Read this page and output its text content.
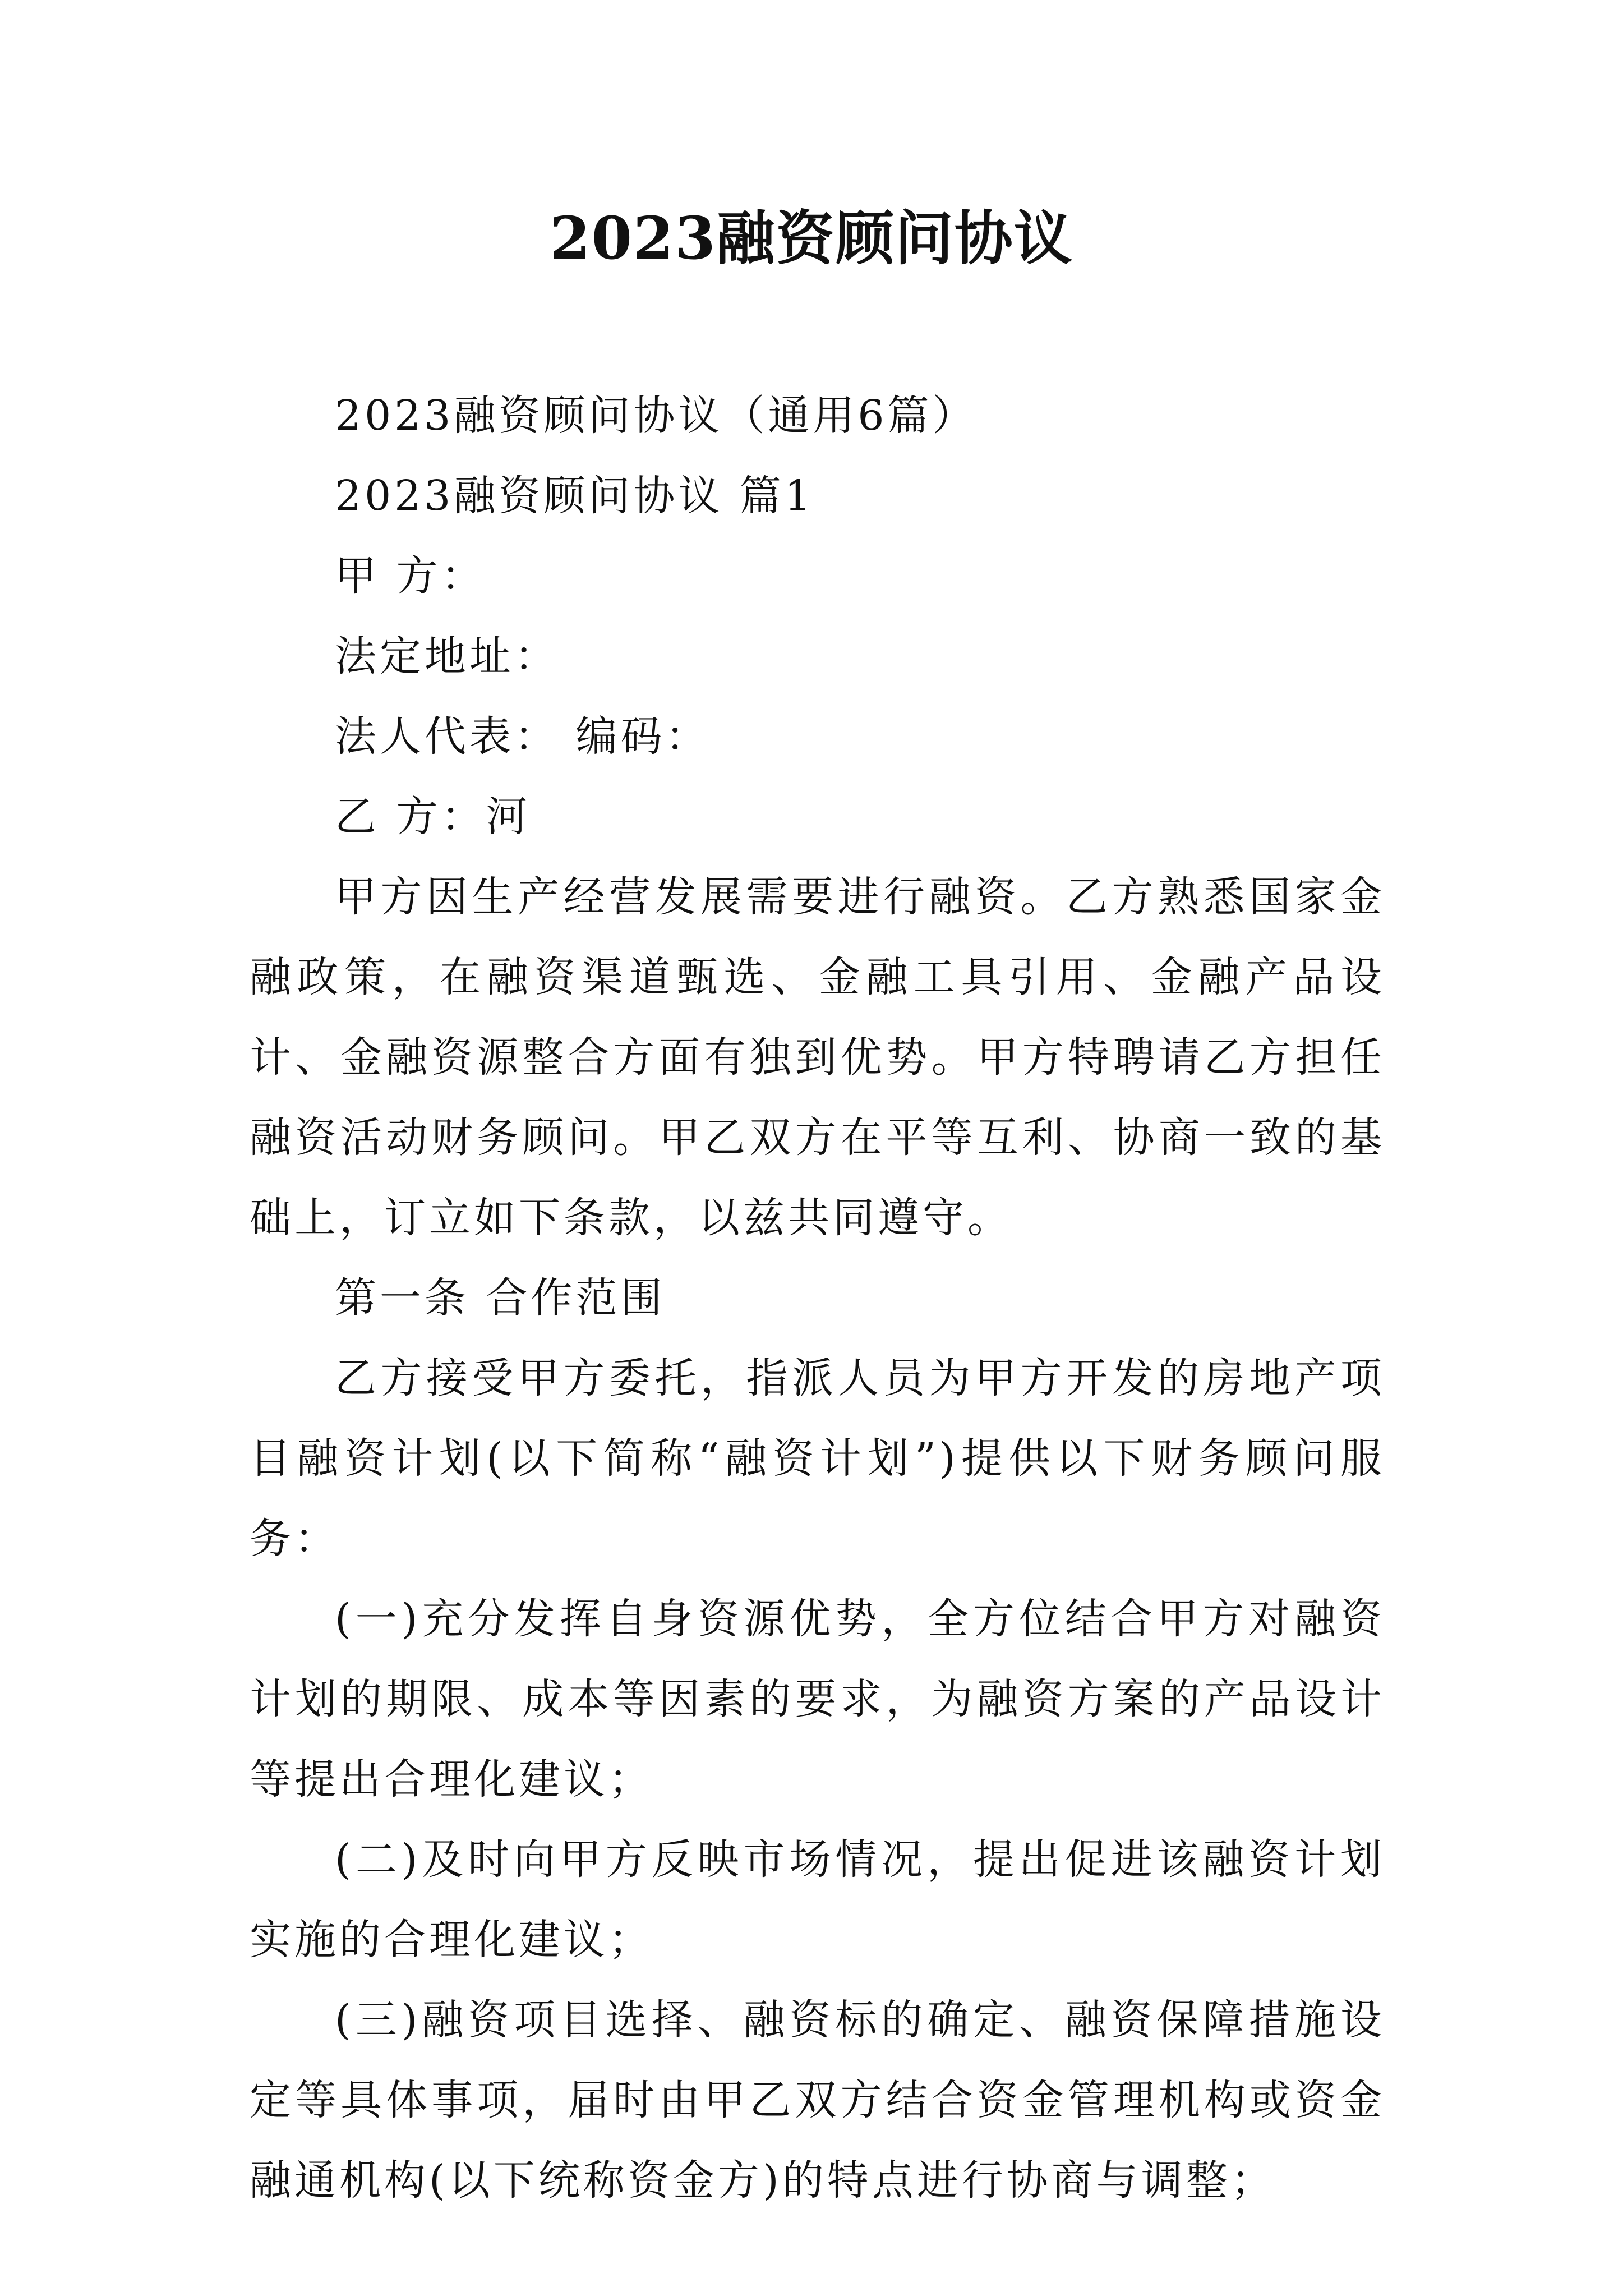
2023融资顾问协议

2023融资顾问协议（通用6篇）

2023融资顾问协议 篇1

甲 方：

法定地址：

法人代表： 编码：

乙 方：河

甲方因生产经营发展需要进行融资。乙方熟悉国家金融政策，在融资渠道甄选、金融工具引用、金融产品设计、金融资源整合方面有独到优势。甲方特聘请乙方担任融资活动财务顾问。甲乙双方在平等互利、协商一致的基础上，订立如下条款，以兹共同遵守。

第一条 合作范围

乙方接受甲方委托，指派人员为甲方开发的房地产项目融资计划(以下简称“融资计划”)提供以下财务顾问服务：

(一)充分发挥自身资源优势，全方位结合甲方对融资计划的期限、成本等因素的要求，为融资方案的产品设计等提出合理化建议；

(二)及时向甲方反映市场情况，提出促进该融资计划实施的合理化建议；

(三)融资项目选择、融资标的确定、融资保障措施设定等具体事项，届时由甲乙双方结合资金管理机构或资金融通机构(以下统称资金方)的特点进行协商与调整；
